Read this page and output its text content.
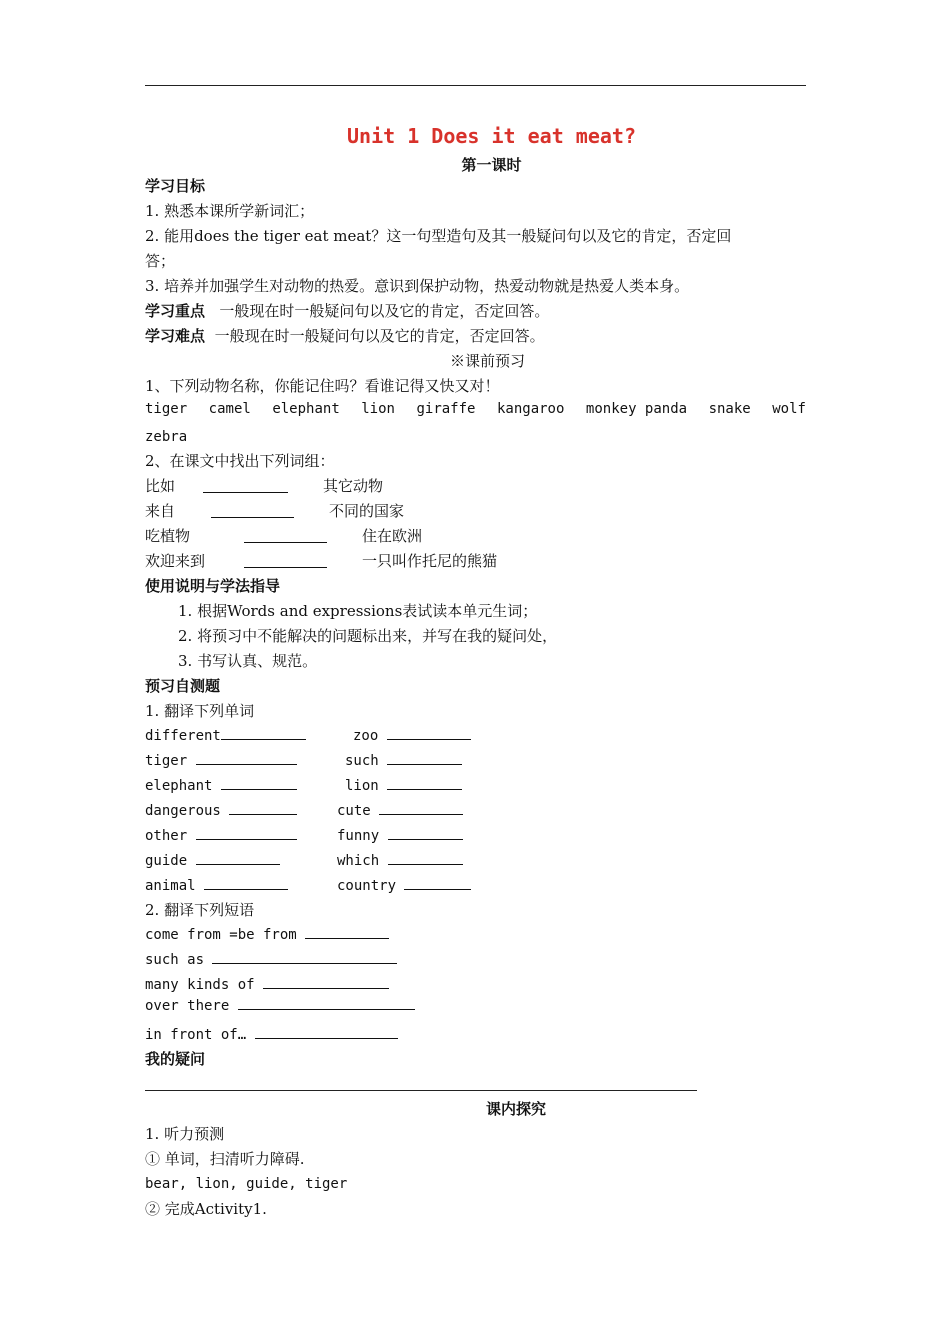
Unit 1 Does it eat meat?
第一课时
学习目标
1. 熟悉本课所学新词汇；
2. 能用does the tiger eat meat？这一句型造句及其一般疑问句以及它的肯定，否定回
答；
3. 培养并加强学生对动物的热爱。意识到保护动物，热爱动物就是热爱人类本身。
学习重点 一般现在时一般疑问句以及它的肯定，否定回答。
学习难点 一般现在时一般疑问句以及它的肯定，否定回答。
※课前预习
1、下列动物名称，你能记住吗？看谁记得又快又对！
tiger camel elephant lion giraffe kangaroo monkey panda snake wolf
zebra
2、在课文中找出下列词组：
比如	其它动物
来自	不同的国家
吃植物	住在欧洲
欢迎来到	一只叫作托尼的熊猫
使用说明与学法指导
1. 根据Words and expressions表试读本单元生词；
2. 将预习中不能解决的问题标出来，并写在我的疑问处，
3. 书写认真、规范。
预习自测题
1. 翻译下列单词
different	zoo
tiger	such
elephant	lion
dangerous	cute
other	funny
guide	which
animal	country
2. 翻译下列短语
come from =be from
such as
many kinds of
over there
in front of…
我的疑问
课内探究
1. 听力预测
① 单词，扫清听力障碍.
bear, lion, guide, tiger
② 完成Activity1.
